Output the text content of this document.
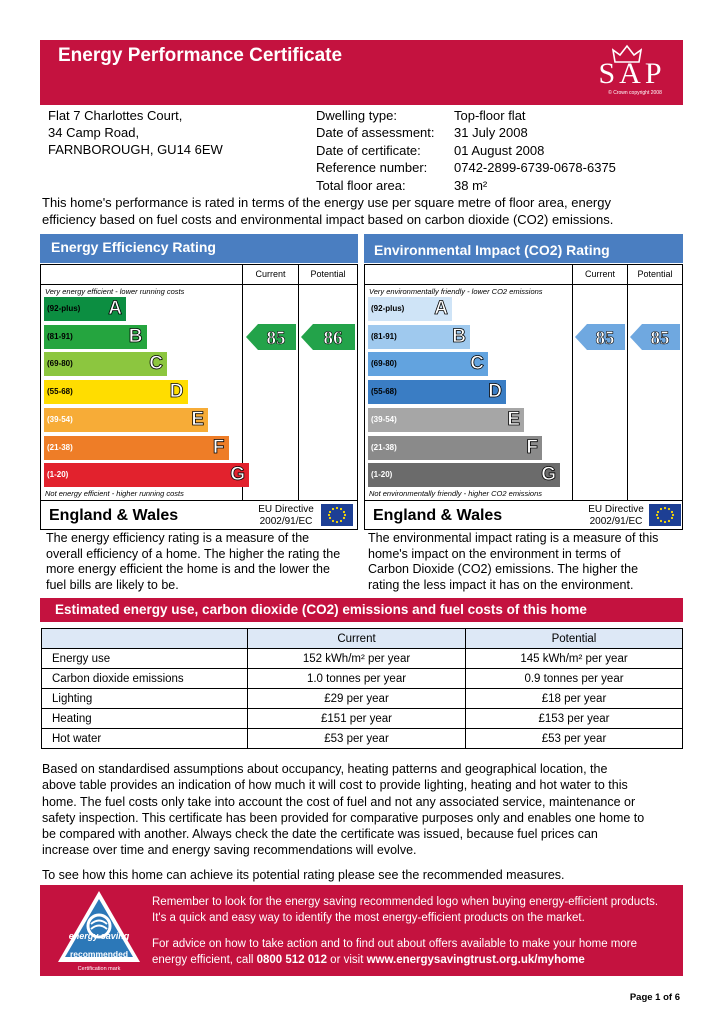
Energy Performance Certificate
SAP
© Crown copyright 2008
Flat 7 Charlottes Court,
34 Camp Road,
FARNBOROUGH, GU14 6EW
Dwelling type:	Top-floor flat
Date of assessment: 31 July 2008
Date of certificate:	01 August 2008
Reference number: 0742-2899-6739-0678-6375
Total floor area:	38 m²
This home's performance is rated in terms of the energy use per square metre of floor area, energy
efficiency based on fuel costs and environmental impact based on carbon dioxide (CO2) emissions.
Energy Efficiency Rating
Current	Potential
Very energy efficient - lower running costs
Not energy efficient - higher running costs
(92-plus) A
(81-91)	B
(69-80)	C
(55-68)	D
(39-54)	E
(21-38)	F
(1-20)	G
85 86
England & Wales	EU Directive
2002/91/EC
The energy efficiency rating is a measure of the
overall efficiency of a home. The higher the rating the
more energy efficient the home is and the lower the
fuel bills are likely to be.
Environmental Impact (CO2) Rating
Current	Potential
Very environmentally friendly - lower CO2 emissions
Not environmentally friendly - higher CO2 emissions
(92-plus) A
(81-91)	B
(69-80)	C
(55-68)	D
(39-54)	E
(21-38)	F
(1-20)	G
85 85
England & Wales	EU Directive
2002/91/EC
The environmental impact rating is a measure of this
home's impact on the environment in terms of
Carbon Dioxide (CO2) emissions. The higher the
rating the less impact it has on the environment.
Estimated energy use, carbon dioxide (CO2) emissions and fuel costs of this home
	Current	Potential
Energy use	152 kWh/m² per year	145 kWh/m² per year
Carbon dioxide emissions	1.0 tonnes per year	0.9 tonnes per year
Lighting	£29 per year	£18 per year
Heating	£151 per year	£153 per year
Hot water	£53 per year	£53 per year
Based on standardised assumptions about occupancy, heating patterns and geographical location, the
above table provides an indication of how much it will cost to provide lighting, heating and hot water to this
home. The fuel costs only take into account the cost of fuel and not any associated service, maintenance or
safety inspection. This certificate has been provided for comparative purposes only and enables one home to
be compared with another. Always check the date the certificate was issued, because fuel prices can
increase over time and energy saving recommendations will evolve.
To see how this home can achieve its potential rating please see the recommended measures.
energy saving
recommended
Certification mark
Remember to look for the energy saving recommended logo when buying energy-efficient products.
It's a quick and easy way to identify the most energy-efficient products on the market.
For advice on how to take action and to find out about offers available to make your home more
energy efficient, call 0800 512 012 or visit www.energysavingtrust.org.uk/myhome
Page 1 of 6
